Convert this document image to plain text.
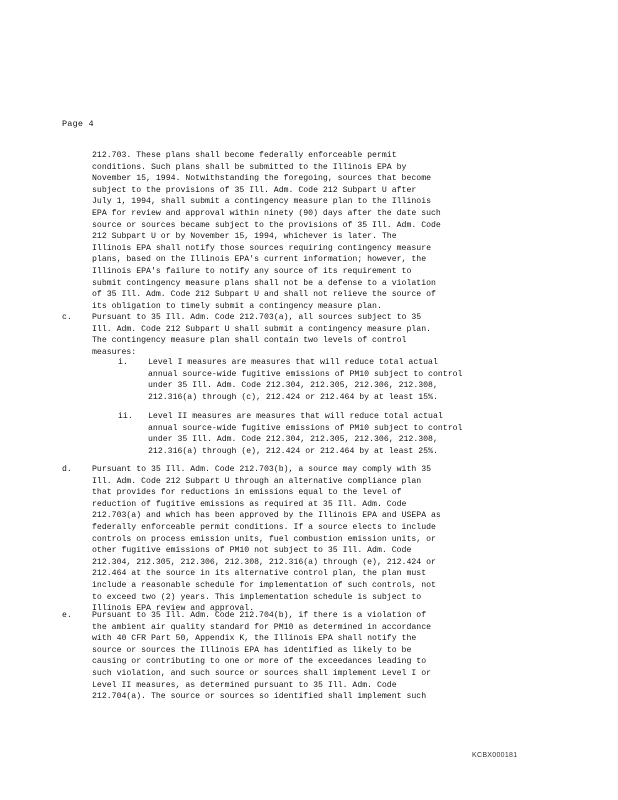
Page 4
212.703. These plans shall become federally enforceable permit
conditions. Such plans shall be submitted to the Illinois EPA by
November 15, 1994. Notwithstanding the foregoing, sources that become
subject to the provisions of 35 Ill. Adm. Code 212 Subpart U after
July 1, 1994, shall submit a contingency measure plan to the Illinois
EPA for review and approval within ninety (90) days after the date such
source or sources became subject to the provisions of 35 Ill. Adm. Code
212 Subpart U or by November 15, 1994, whichever is later. The
Illinois EPA shall notify those sources requiring contingency measure
plans, based on the Illinois EPA's current information; however, the
Illinois EPA's failure to notify any source of its requirement to
submit contingency measure plans shall not be a defense to a violation
of 35 Ill. Adm. Code 212 Subpart U and shall not relieve the source of
its obligation to timely submit a contingency measure plan.
c. Pursuant to 35 Ill. Adm. Code 212.703(a), all sources subject to 35
Ill. Adm. Code 212 Subpart U shall submit a contingency measure plan.
The contingency measure plan shall contain two levels of control
measures:
i. Level I measures are measures that will reduce total actual
annual source-wide fugitive emissions of PM10 subject to control
under 35 Ill. Adm. Code 212.304, 212.305, 212.306, 212.308,
212.316(a) through (c), 212.424 or 212.464 by at least 15%.
ii. Level II measures are measures that will reduce total actual
annual source-wide fugitive emissions of PM10 subject to control
under 35 Ill. Adm. Code 212.304, 212.305, 212.306, 212.308,
212.316(a) through (e), 212.424 or 212.464 by at least 25%.
d. Pursuant to 35 Ill. Adm. Code 212.703(b), a source may comply with 35
Ill. Adm. Code 212 Subpart U through an alternative compliance plan
that provides for reductions in emissions equal to the level of
reduction of fugitive emissions as required at 35 Ill. Adm. Code
212.703(a) and which has been approved by the Illinois EPA and USEPA as
federally enforceable permit conditions. If a source elects to include
controls on process emission units, fuel combustion emission units, or
other fugitive emissions of PM10 not subject to 35 Ill. Adm. Code
212.304, 212.305, 212.306, 212.308, 212.316(a) through (e), 212.424 or
212.464 at the source in its alternative control plan, the plan must
include a reasonable schedule for implementation of such controls, not
to exceed two (2) years. This implementation schedule is subject to
Illinois EPA review and approval.
e. Pursuant to 35 Ill. Adm. Code 212.704(b), if there is a violation of
the ambient air quality standard for PM10 as determined in accordance
with 40 CFR Part 50, Appendix K, the Illinois EPA shall notify the
source or sources the Illinois EPA has identified as likely to be
causing or contributing to one or more of the exceedances leading to
such violation, and such source or sources shall implement Level I or
Level II measures, as determined pursuant to 35 Ill. Adm. Code
212.704(a). The source or sources so identified shall implement such
KCBX000181
